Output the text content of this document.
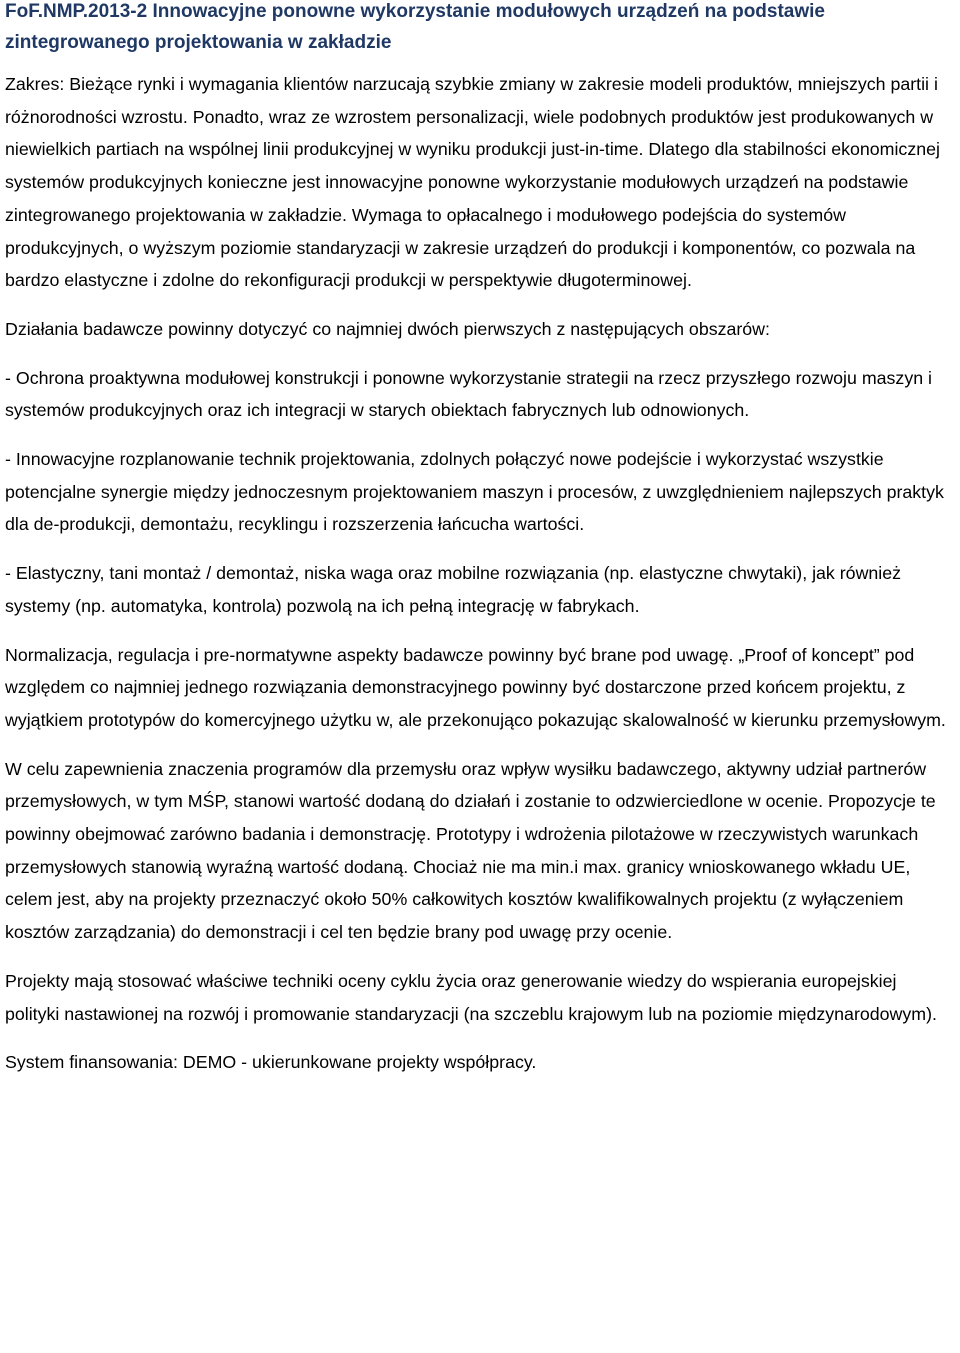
FoF.NMP.2013-2 Innowacyjne ponowne wykorzystanie modułowych urządzeń na podstawie zintegrowanego projektowania w zakładzie

Zakres: Bieżące rynki i wymagania klientów narzucają szybkie zmiany w zakresie modeli produktów, mniejszych partii i różnorodności wzrostu. Ponadto, wraz ze wzrostem personalizacji, wiele podobnych produktów jest produkowanych w niewielkich partiach na wspólnej linii produkcyjnej w wyniku produkcji just-in-time. Dlatego dla stabilności ekonomicznej systemów produkcyjnych konieczne jest innowacyjne ponowne wykorzystanie modułowych urządzeń na podstawie zintegrowanego projektowania w zakładzie. Wymaga to opłacalnego i modułowego podejścia do systemów produkcyjnych, o wyższym poziomie standaryzacji w zakresie urządzeń do produkcji i komponentów, co pozwala na bardzo elastyczne i zdolne do rekonfiguracji produkcji w perspektywie długoterminowej.

Działania badawcze powinny dotyczyć co najmniej dwóch pierwszych z następujących obszarów:

- Ochrona proaktywna modułowej konstrukcji i ponowne wykorzystanie strategii na rzecz przyszłego rozwoju maszyn i systemów produkcyjnych oraz ich integracji w starych obiektach fabrycznych lub odnowionych.

- Innowacyjne rozplanowanie technik projektowania, zdolnych połączyć nowe podejście i wykorzystać wszystkie potencjalne synergie między jednoczesnym projektowaniem maszyn i procesów, z uwzględnieniem najlepszych praktyk dla de-produkcji, demontażu, recyklingu i rozszerzenia łańcucha wartości.

- Elastyczny, tani montaż / demontaż, niska waga oraz mobilne rozwiązania (np. elastyczne chwytaki), jak również systemy (np. automatyka, kontrola) pozwolą na ich pełną integrację w fabrykach.

Normalizacja, regulacja i pre-normatywne aspekty badawcze powinny być brane pod uwagę. „Proof of koncept” pod względem co najmniej jednego rozwiązania demonstracyjnego powinny być dostarczone przed końcem projektu, z wyjątkiem prototypów do komercyjnego użytku w, ale przekonująco pokazując skalowalność w kierunku przemysłowym.

W celu zapewnienia znaczenia programów dla przemysłu oraz wpływ wysiłku badawczego, aktywny udział partnerów przemysłowych, w tym MŚP, stanowi wartość dodaną do działań i zostanie to odzwierciedlone w ocenie. Propozycje te powinny obejmować zarówno badania i demonstrację. Prototypy i wdrożenia pilotażowe w rzeczywistych warunkach przemysłowych stanowią wyraźną wartość dodaną. Chociaż nie ma min.i max. granicy wnioskowanego wkładu UE, celem jest, aby na projekty przeznaczyć około 50% całkowitych kosztów kwalifikowalnych projektu (z wyłączeniem kosztów zarządzania) do demonstracji i cel ten będzie brany pod uwagę przy ocenie.

Projekty mają stosować właściwe techniki oceny cyklu życia oraz generowanie wiedzy do wspierania europejskiej polityki nastawionej na rozwój i promowanie standaryzacji (na szczeblu krajowym lub na poziomie międzynarodowym).

System finansowania: DEMO - ukierunkowane projekty współpracy.
